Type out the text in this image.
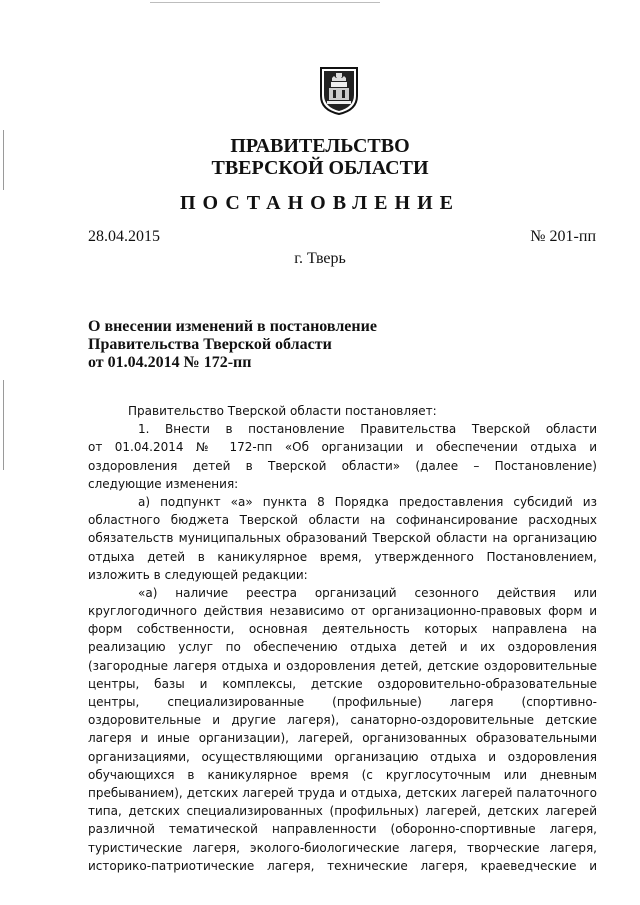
ПРАВИТЕЛЬСТВО
ТВЕРСКОЙ ОБЛАСТИ
ПОСТАНОВЛЕНИЕ
28.04.2015	№ 201-пп
г. Тверь
О внесении изменений в постановление
Правительства Тверской области
от 01.04.2014 № 172-пп
Правительство Тверской области постановляет:
1. Внести в постановление Правительства Тверской области
от 01.04.2014 № 172-пп «Об организации и обеспечении отдыха и
оздоровления детей в Тверской области» (далее – Постановление)
следующие изменения:
а) подпункт «а» пункта 8 Порядка предоставления субсидий из
областного бюджета Тверской области на софинансирование расходных
обязательств муниципальных образований Тверской области на организацию
отдыха детей в каникулярное время, утвержденного Постановлением,
изложить в следующей редакции:
«а) наличие реестра организаций сезонного действия или
круглогодичного действия независимо от организационно-правовых форм и
форм собственности, основная деятельность которых направлена на
реализацию услуг по обеспечению отдыха детей и их оздоровления
(загородные лагеря отдыха и оздоровления детей, детские оздоровительные
центры, базы и комплексы, детские оздоровительно-образовательные
центры, специализированные (профильные) лагеря (спортивно-
оздоровительные и другие лагеря), санаторно-оздоровительные детские
лагеря и иные организации), лагерей, организованных образовательными
организациями, осуществляющими организацию отдыха и оздоровления
обучающихся в каникулярное время (с круглосуточным или дневным
пребыванием), детских лагерей труда и отдыха, детских лагерей палаточного
типа, детских специализированных (профильных) лагерей, детских лагерей
различной тематической направленности (оборонно-спортивные лагеря,
туристические лагеря, эколого-биологические лагеря, творческие лагеря,
историко-патриотические лагеря, технические лагеря, краеведческие и
